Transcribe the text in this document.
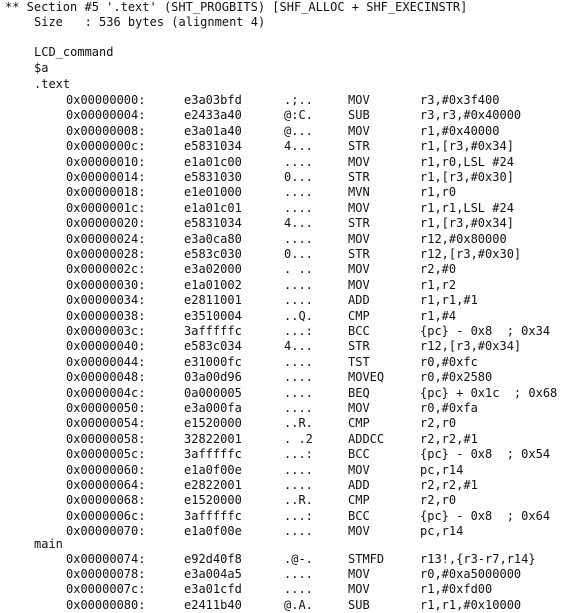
** Section #5 '.text' (SHT_PROGBITS) [SHF_ALLOC + SHF_EXECINSTR]
Size   : 536 bytes (alignment 4)
LCD_command
$a
.text
0x00000000:	e3a03bfd	.;..	MOV	r3,#0x3f400
0x00000004:	e2433a40	@:C.	SUB	r3,r3,#0x40000
0x00000008:	e3a01a40	@...	MOV	r1,#0x40000
0x0000000c:	e5831034	4...	STR	r1,[r3,#0x34]
0x00000010:	e1a01c00	....	MOV	r1,r0,LSL #24
0x00000014:	e5831030	0...	STR	r1,[r3,#0x30]
0x00000018:	e1e01000	....	MVN	r1,r0
0x0000001c:	e1a01c01	....	MOV	r1,r1,LSL #24
0x00000020:	e5831034	4...	STR	r1,[r3,#0x34]
0x00000024:	e3a0ca80	....	MOV	r12,#0x80000
0x00000028:	e583c030	0...	STR	r12,[r3,#0x30]
0x0000002c:	e3a02000	. ..	MOV	r2,#0
0x00000030:	e1a01002	....	MOV	r1,r2
0x00000034:	e2811001	....	ADD	r1,r1,#1
0x00000038:	e3510004	..Q.	CMP	r1,#4
0x0000003c:	3afffffc	...:	BCC	{pc} - 0x8  ; 0x34
0x00000040:	e583c034	4...	STR	r12,[r3,#0x34]
0x00000044:	e31000fc	....	TST	r0,#0xfc
0x00000048:	03a00d96	....	MOVEQ	r0,#0x2580
0x0000004c:	0a000005	....	BEQ	{pc} + 0x1c  ; 0x68
0x00000050:	e3a000fa	....	MOV	r0,#0xfa
0x00000054:	e1520000	..R.	CMP	r2,r0
0x00000058:	32822001	. .2	ADDCC	r2,r2,#1
0x0000005c:	3afffffc	...:	BCC	{pc} - 0x8  ; 0x54
0x00000060:	e1a0f00e	....	MOV	pc,r14
0x00000064:	e2822001	....	ADD	r2,r2,#1
0x00000068:	e1520000	..R.	CMP	r2,r0
0x0000006c:	3afffffc	...:	BCC	{pc} - 0x8  ; 0x64
0x00000070:	e1a0f00e	....	MOV	pc,r14
main
0x00000074:	e92d40f8	.@-.	STMFD	r13!,{r3-r7,r14}
0x00000078:	e3a004a5	....	MOV	r0,#0xa5000000
0x0000007c:	e3a01cfd	....	MOV	r1,#0xfd00
0x00000080:	e2411b40	@.A.	SUB	r1,r1,#0x10000
